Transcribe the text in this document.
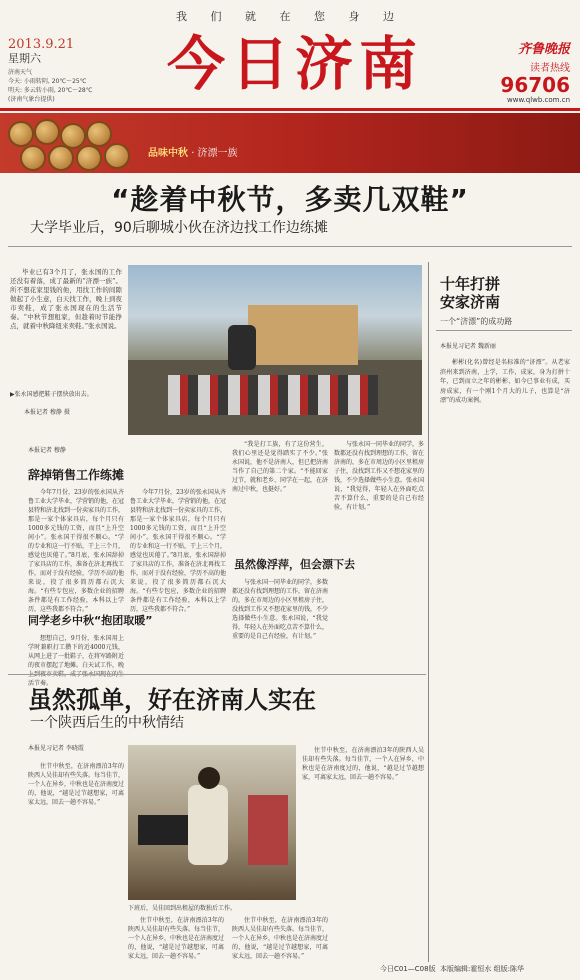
我 们 就 在 您 身 边
2013.9.21
星期六
济南天气
今天: 小雨转阴, 20℃～25℃
明天: 多云转小雨, 20℃～28℃
(济南气象台提供)
今日济南	齐鲁晚报
读者热线
96706
www.qlwb.com.cn
品味中秋 · 济漂一族
“趁着中秋节，多卖几双鞋”
大学毕业后，90后聊城小伙在济边找工作边练摊
毕业已有3个月了，张永国的工作还没有着落，成了最新的“济漂一族”。所不想花家里钱的他，用找工作的间隙做起了小生意，白天找工作，晚上到夜市卖鞋，成了张永国现在的生活节奏。“中秋节想租家，但趁着时节能挣点，就着中秋降纽来卖鞋。”张永国说。
▶张永国感把鞋子摆快放出去。
本报记者 穆静 摄
本报记者 穆静
辞掉销售工作练摊
今年7月份，23岁的张永国从齐鲁工业大学毕业，学营销的他，在冠县特和济北找到一份卖家具的工作，那是一家个体家具店，每个月只有1000多元钱的工资，而且“上升空间小”。张永国干得很不顺心。“学的专业和这一行不贴，干上三个月，感觉也厌倦了。”8月底，张永国辞掉了家具店的工作，准备在济北再找工作，而对于没有经验，学历不高的他来说，投了很多简历都石沉大海。“有些专包应，多数企业的招聘条件都是有工作经验，本科以上学历，这些我都不符合。”
同学老乡中秋“抱团取暖”
想想自己，9月份，张永国用上学时兼职打工攒下的近4000元钱，从网上进了一批鞋子，在将军路附近的夜市摆起了地摊。白天试工作，晚 活节奏。
今年7月份，23岁的张永国从齐鲁工业大学毕业，学营销的他，在冠县特和济北找到一份卖家具的工作，那是一家个体家具店，每个月只有1000多元钱的工资，而且“上升空间小”。张永国干得很不顺心。“学的专业和这一行不贴，干上三个月，感觉也厌倦了。”8月底，张永国辞掉了家具店的工作，准备在济北再找工作，而对于没有经验，学历不高的他来说，投了很多简历都石沉大海。“有些专包应，多数企业的招聘条件都是有工作经验，本科以上学历，这些我都不符合。”
“我是打工族，有了这份营生，我们心里还是觉得踏实了不少。”张永国说，他不是济南人，但已把济南当作了自己的第二个家。“不能回家过节，就和老乡、同学在一起，在济南过中秋，也挺好。”
虽然像浮萍，但会漂下去
与张永国一同毕业的同学，多数都还没有找到理想的工作，留在济南的，多在市周边的小区里租房子住，没找到工作又不想花家里的钱，不少选择做些小生意。张永国说，“我觉得，年轻人在外面吃点苦不算什么，重要的是自己有经验，有计划。”
与张永国一同毕业的同学，多数都还没有找到理想的工作，留在济南的，多在市周边的小区里租房子住，没找到工作又不想花家里的钱，不少选择做些小生意。张永国说，“我觉得，年轻人在外面吃点苦不算什么，重要的是自己有经验，有计划。”
虽然孤单，好在济南人实在
一个陕西后生的中秋情结
本报见习记者 李晓霞
住节中秋至，在济南漂泊3年的陕西人吴佳却有些失落。每当佳节，一个人在异乡，中秋也是在济南度过的，他说，“越是过节越想家，可离家太远，回去一趟不容易。”
下班后，吴佳回到出租屋的数独后工作。
住节中秋至，在济南漂泊3年的陕西人吴佳却有些失落。每当佳节，一个人在异乡，中秋也是在济南度过的，他说，“越是过节越想家，可离家太远，回去一趟不容易。”
住节中秋至，在济南漂泊3年的陕西人吴佳却有些失落。每当佳节，一个人在异乡，中秋也是在济南度过的，他说，“越是过节越想家，可离家太远，回去一趟不容易。”
住节中秋至，在济南漂泊3年的陕西人吴佳却有些失落。每当佳节，一个人在异乡，中秋也是在济南度过的，他说，“越是过节越想家，可离家太远，回去一趟不容易。”
十年打拼
安家济南
一个“济漂”的成功路
本报见习记者 魏新丽
彬彬(化名)曾经是名标准的“济漂”。从老家滨州来到济南，上学，工作，成家，身为打拼十年，已到而立之年的彬彬，如今已事业有成，买房成家，有一个刚1个月大的儿子，也算是“济漂”的成功案例。
今日C01—C08版 本版编辑:霍恒水 组版:陈华
